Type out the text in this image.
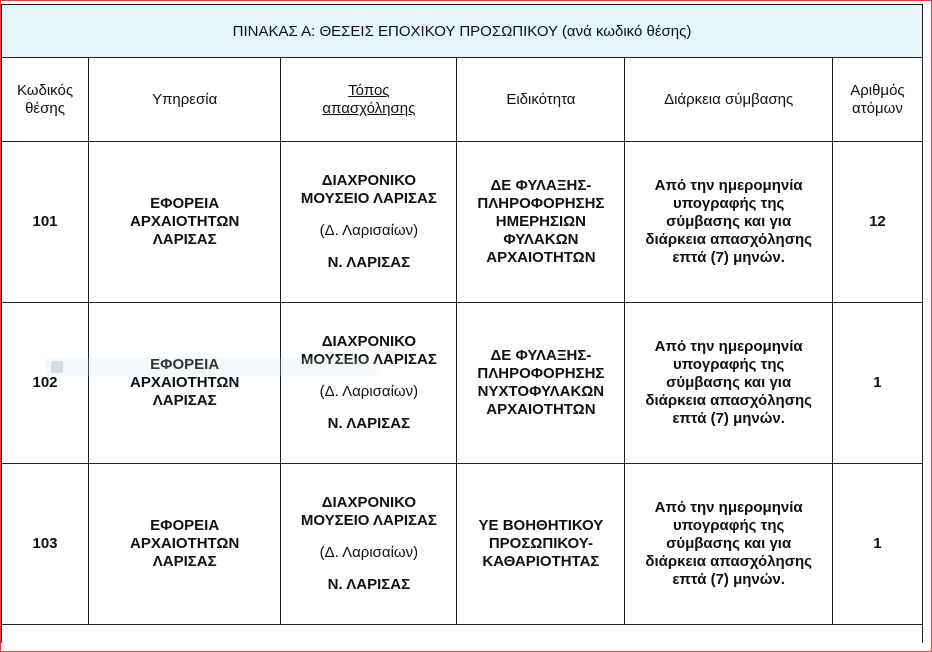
ΠΙΝΑΚΑΣ Α: ΘΕΣΕΙΣ ΕΠΟΧΙΚΟΥ ΠΡΟΣΩΠΙΚΟΥ (ανά κωδικό θέσης)					

Κωδικός
θέσης	Υπηρεσία	Τόπος
απασχόλησης	Ειδικότητα	Διάρκεια σύμβασης	Αριθμός
ατόμων

101	ΕΦΟΡΕΙΑ
ΑΡΧΑΙΟΤΗΤΩΝ
ΛΑΡΙΣΑΣ	ΔΙΑΧΡΟΝΙΚΟ
ΜΟΥΣΕΙΟ ΛΑΡΙΣΑΣ
(Δ. Λαρισαίων)
Ν. ΛΑΡΙΣΑΣ	ΔΕ ΦΥΛΑΞΗΣ-
ΠΛΗΡΟΦΟΡΗΣΗΣ
ΗΜΕΡΗΣΙΩΝ
ΦΥΛΑΚΩΝ
ΑΡΧΑΙΟΤΗΤΩΝ	Από την ημερομηνία
υπογραφής της
σύμβασης και για
διάρκεια απασχόλησης
επτά (7) μηνών.	12
102	ΕΦΟΡΕΙΑ
ΑΡΧΑΙΟΤΗΤΩΝ
ΛΑΡΙΣΑΣ	ΔΙΑΧΡΟΝΙΚΟ
ΜΟΥΣΕΙΟ ΛΑΡΙΣΑΣ
(Δ. Λαρισαίων)
Ν. ΛΑΡΙΣΑΣ	ΔΕ ΦΥΛΑΞΗΣ-
ΠΛΗΡΟΦΟΡΗΣΗΣ
ΝΥΧΤΟΦΥΛΑΚΩΝ
ΑΡΧΑΙΟΤΗΤΩΝ	Από την ημερομηνία
υπογραφής της
σύμβασης και για
διάρκεια απασχόλησης
επτά (7) μηνών.	1
103	ΕΦΟΡΕΙΑ
ΑΡΧΑΙΟΤΗΤΩΝ
ΛΑΡΙΣΑΣ	ΔΙΑΧΡΟΝΙΚΟ
ΜΟΥΣΕΙΟ ΛΑΡΙΣΑΣ
(Δ. Λαρισαίων)
Ν. ΛΑΡΙΣΑΣ	ΥΕ ΒΟΗΘΗΤΙΚΟΥ
ΠΡΟΣΩΠΙΚΟΥ-
ΚΑΘΑΡΙΟΤΗΤΑΣ	Από την ημερομηνία
υπογραφής της
σύμβασης και για
διάρκεια απασχόλησης
επτά (7) μηνών.	1
